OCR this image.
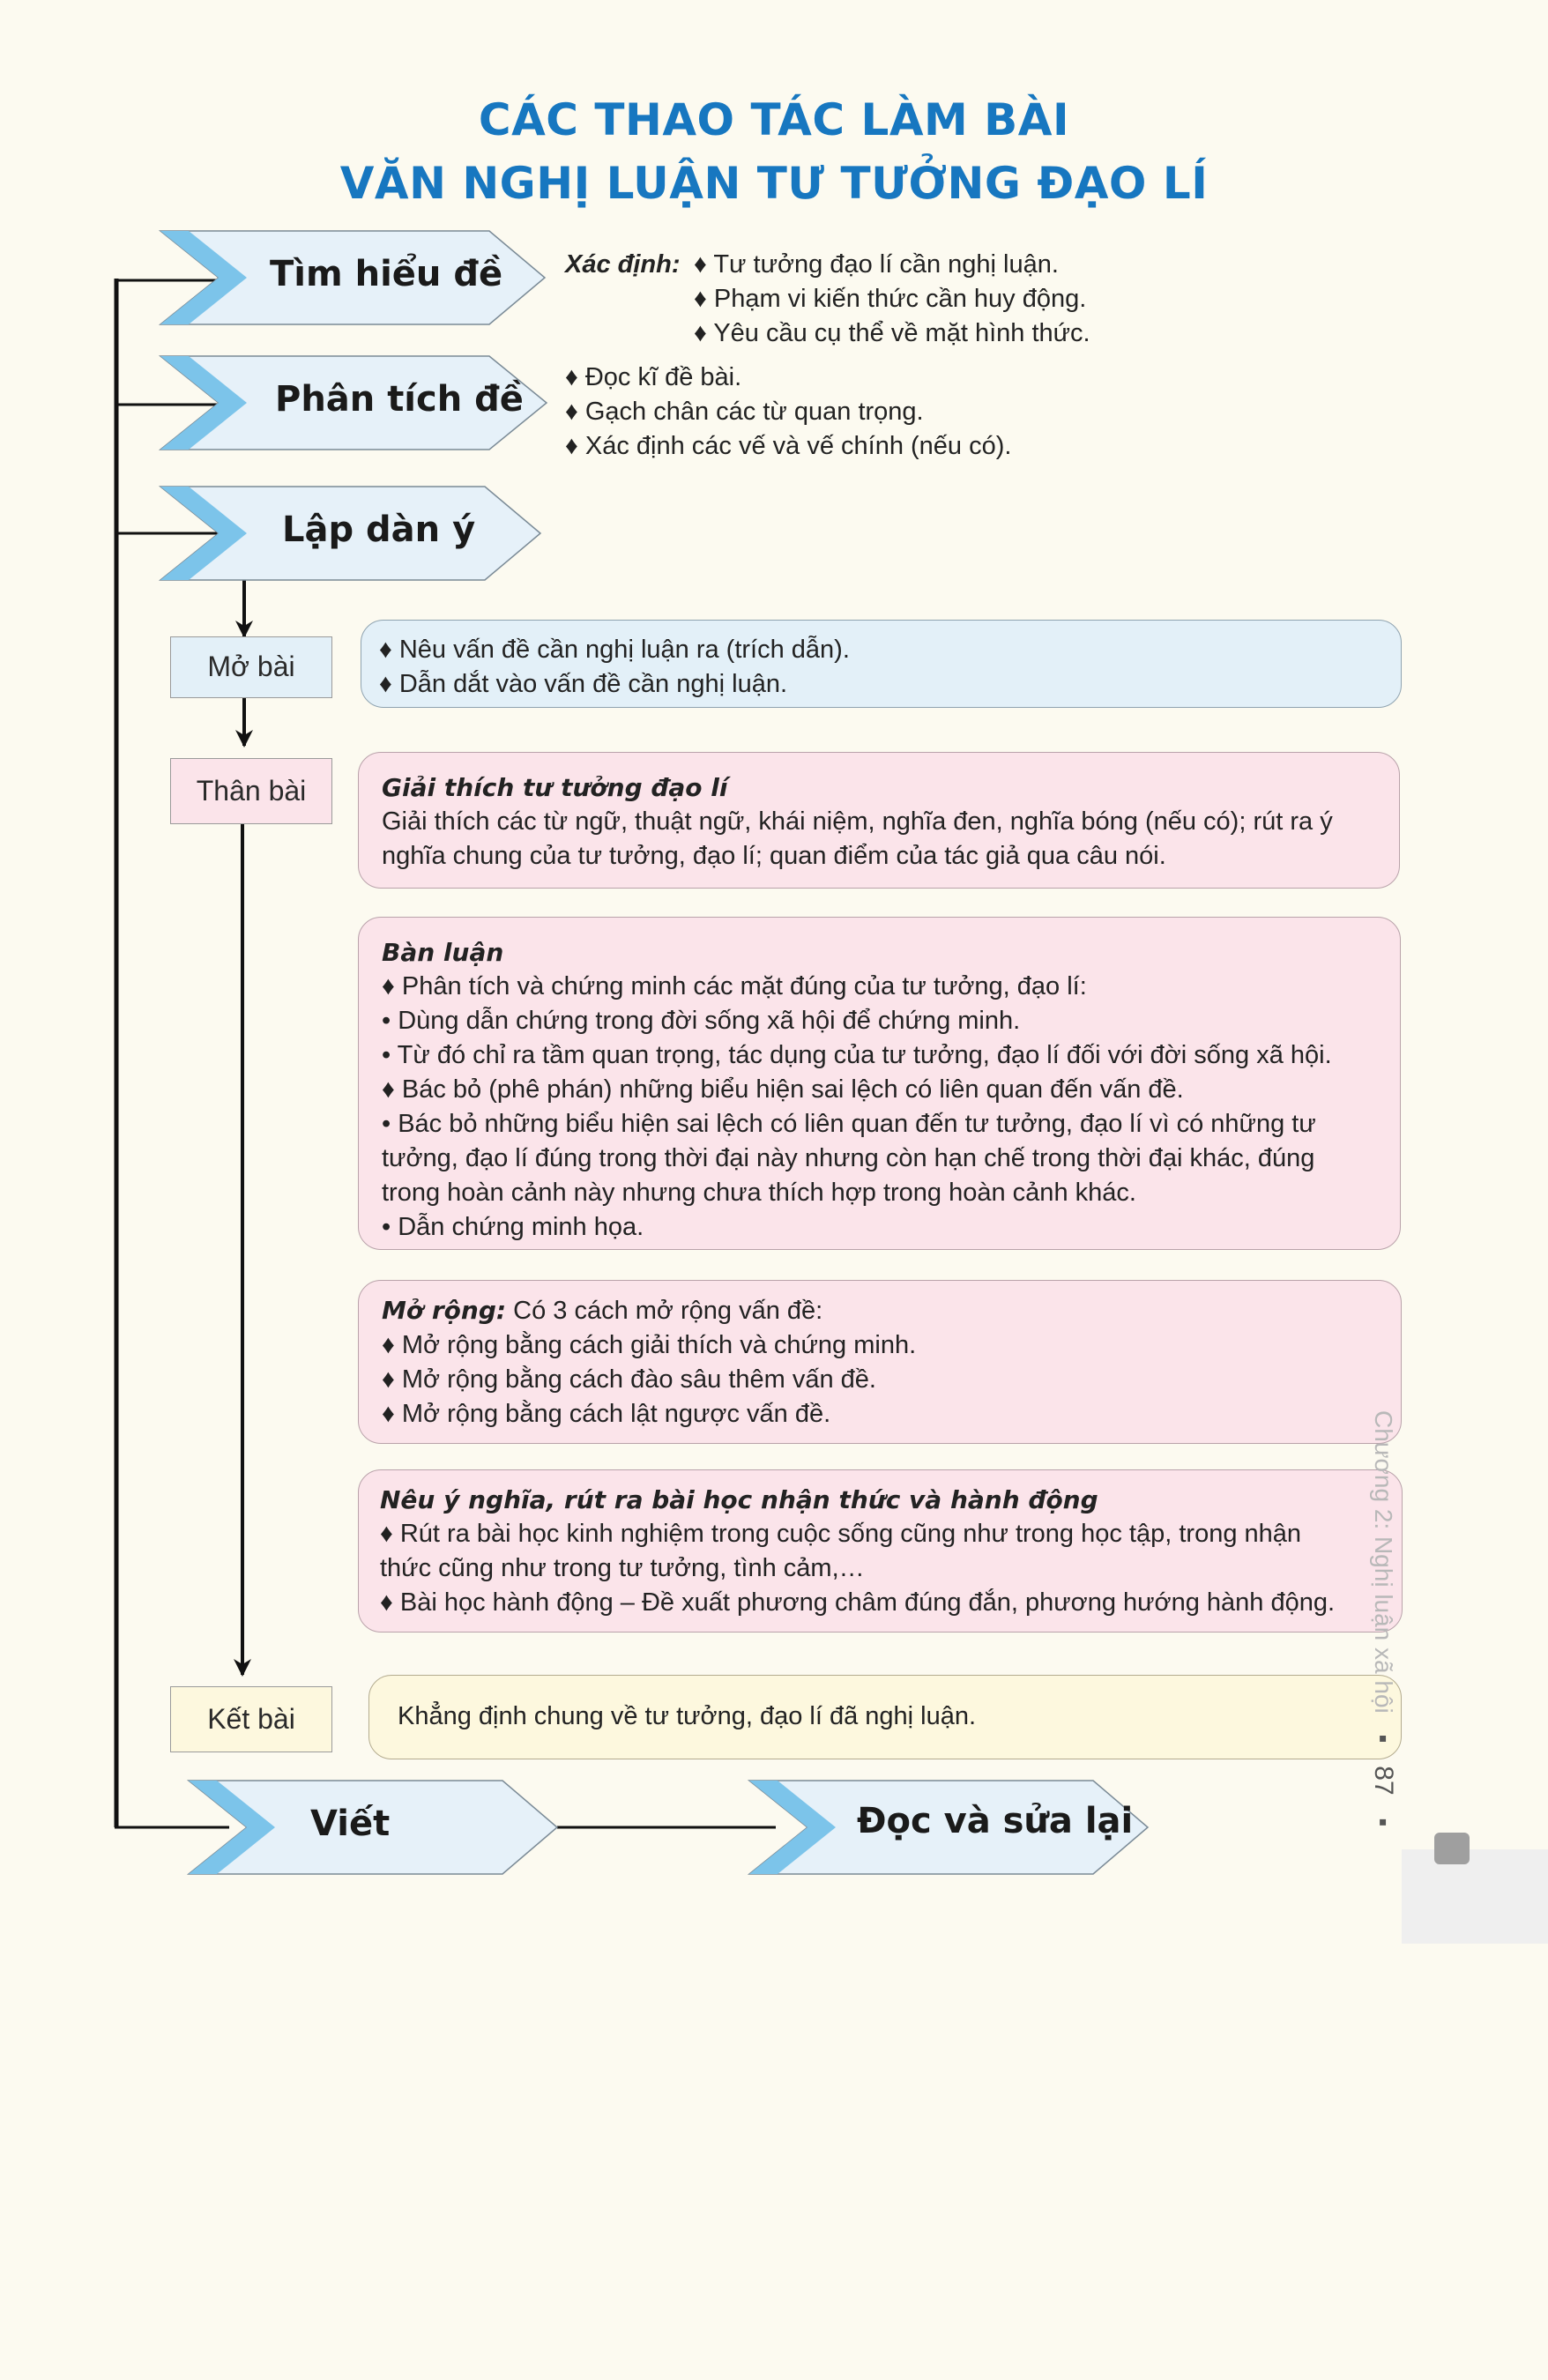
CÁC THAO TÁC LÀM BÀI
VĂN NGHỊ LUẬN TƯ TƯỞNG ĐẠO LÍ
Tìm hiểu đề
Phân tích đề
Lập dàn ý
Viết	Đọc và sửa lại
Xác định: ♦ Tư tưởng đạo lí cần nghị luận.
♦ Phạm vi kiến thức cần huy động.
♦ Yêu cầu cụ thể về mặt hình thức.
♦ Đọc kĩ đề bài.
♦ Gạch chân các từ quan trọng.
♦ Xác định các vế và vế chính (nếu có).
Mở bài
Thân bài
Kết bài
♦ Nêu vấn đề cần nghị luận ra (trích dẫn).
♦ Dẫn dắt vào vấn đề cần nghị luận.
Giải thích tư tưởng đạo lí
Giải thích các từ ngữ, thuật ngữ, khái niệm, nghĩa đen, nghĩa bóng (nếu có); rút ra ý
nghĩa chung của tư tưởng, đạo lí; quan điểm của tác giả qua câu nói.
Bàn luận
♦ Phân tích và chứng minh các mặt đúng của tư tưởng, đạo lí:
• Dùng dẫn chứng trong đời sống xã hội để chứng minh.
• Từ đó chỉ ra tầm quan trọng, tác dụng của tư tưởng, đạo lí đối với đời sống xã hội.
♦ Bác bỏ (phê phán) những biểu hiện sai lệch có liên quan đến vấn đề.
• Bác bỏ những biểu hiện sai lệch có liên quan đến tư tưởng, đạo lí vì có những tư
tưởng, đạo lí đúng trong thời đại này nhưng còn hạn chế trong thời đại khác, đúng
trong hoàn cảnh này nhưng chưa thích hợp trong hoàn cảnh khác.
• Dẫn chứng minh họa.
Mở rộng: Có 3 cách mở rộng vấn đề:
♦ Mở rộng bằng cách giải thích và chứng minh.
♦ Mở rộng bằng cách đào sâu thêm vấn đề.
♦ Mở rộng bằng cách lật ngược vấn đề.
Nêu ý nghĩa, rút ra bài học nhận thức và hành động
♦ Rút ra bài học kinh nghiệm trong cuộc sống cũng như trong học tập, trong nhận
thức cũng như trong tư tưởng, tình cảm,…
♦ Bài học hành động – Đề xuất phương châm đúng đắn, phương hướng hành động.
Khẳng định chung về tư tưởng, đạo lí đã nghị luận.
Chương 2: Nghị luận xã hội ▪ 87 ▪
